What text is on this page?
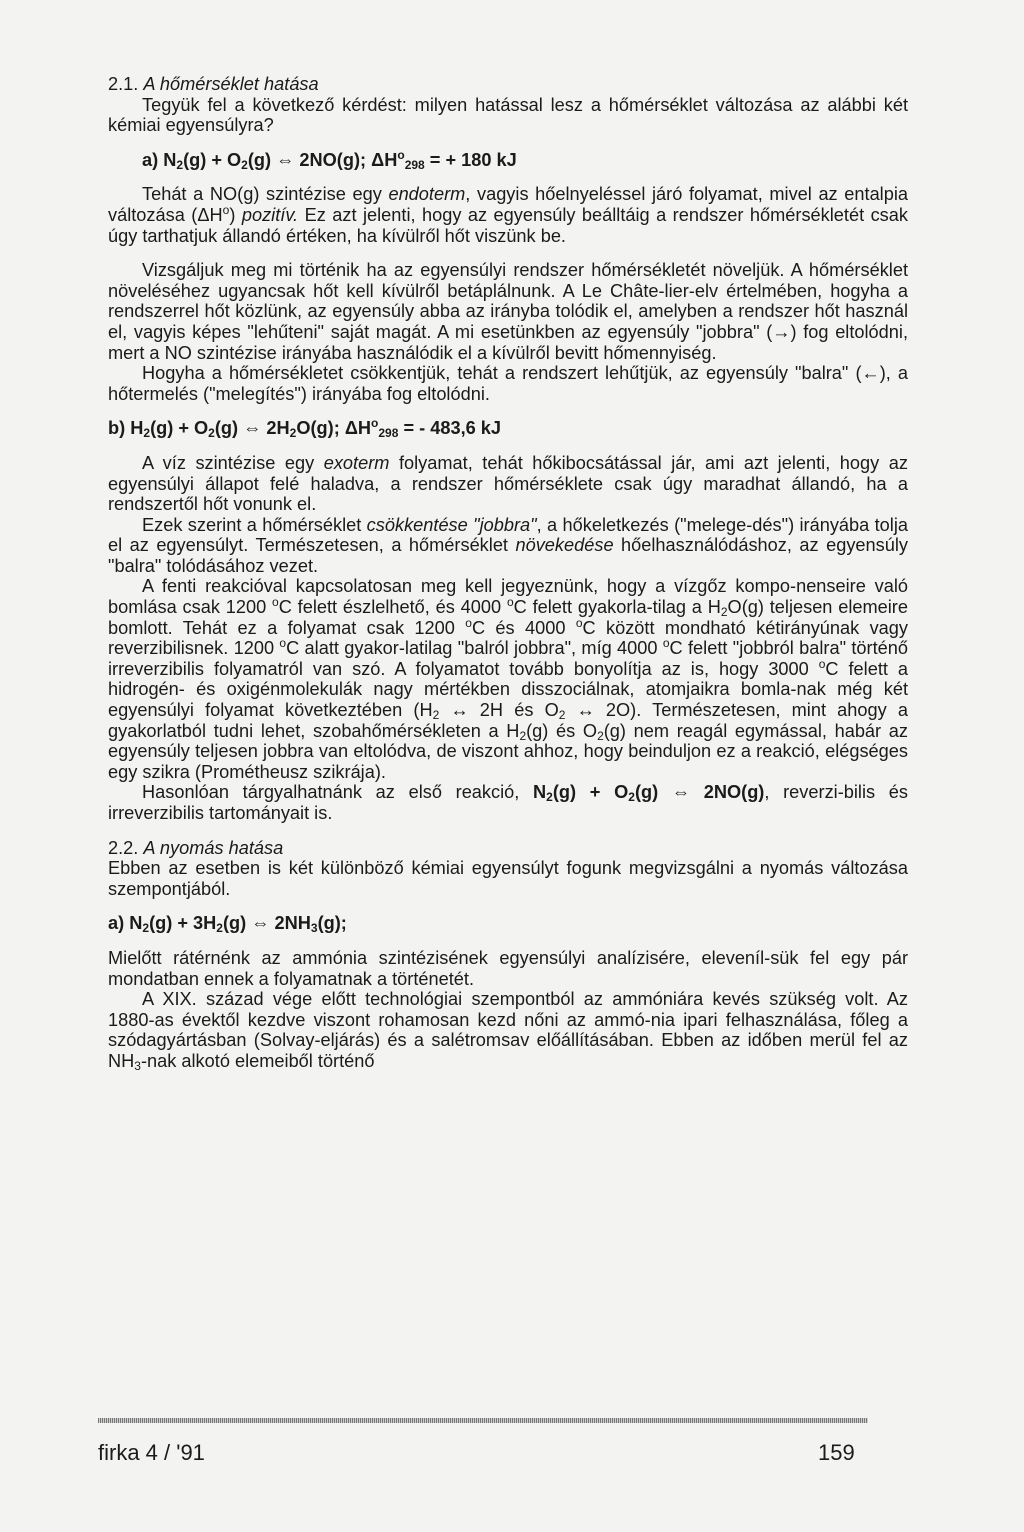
2.1. A hőmérséklet hatása

Tegyük fel a következő kérdést: milyen hatással lesz a hőmérséklet változása az alábbi két kémiai egyensúlyra?

a) $N_2(g) + O_2(g)$ ⇔ 2NO(g); $\Delta H^o_{298}$ = + 180 kJ

Tehát a NO(g) szintézise egy endoterm, vagyis hőelnyeléssel járó folyamat, mivel az entalpia változása $(\Delta H^o)$ pozitív. Ez azt jelenti, hogy az egyensúly beálltáig a rendszer hőmérsékletét csak úgy tarthatjuk állandó értéken, ha kívülről hőt viszünk be.

Vizsgáljuk meg mi történik ha az egyensúlyi rendszer hőmérsékletét növeljük. A hőmérséklet növeléséhez ugyancsak hőt kell kívülről betáplálnunk. A Le Châte-lier-elv értelmében, hogyha a rendszerrel hőt közlünk, az egyensúly abba az irányba tolódik el, amelyben a rendszer hőt használ el, vagyis képes "lehűteni" saját magát. A mi esetünkben az egyensúly "jobbra" (→) fog eltolódni, mert a NO szintézise irányába használódik el a kívülről bevitt hőmennyiség.

Hogyha a hőmérsékletet csökkentjük, tehát a rendszert lehűtjük, az egyensúly "balra" (←), a hőtermelés ("melegítés") irányába fog eltolódni.

b) $H_2(g) + O_2(g)$ ⇔ $2H_2O(g)$; $\Delta H^o_{298}$ = - 483,6 kJ

A víz szintézise egy exoterm folyamat, tehát hőkibocsátással jár, ami azt jelenti, hogy az egyensúlyi állapot felé haladva, a rendszer hőmérséklete csak úgy maradhat állandó, ha a rendszertől hőt vonunk el.

Ezek szerint a hőmérséklet csökkentése "jobbra", a hőkeletkezés ("melege-dés") irányába tolja el az egyensúlyt. Természetesen, a hőmérséklet növekedése hőelhasználódáshoz, az egyensúly "balra" tolódásához vezet.

A fenti reakcióval kapcsolatosan meg kell jegyeznünk, hogy a vízgőz kompo-nenseire való bomlása csak 1200 $^o$C felett észlelhető, és 4000 $^o$C felett gyakorla-tilag a $H_2O(g)$ teljesen elemeire bomlott. Tehát ez a folyamat csak 1200 $^o$C és 4000 $^o$C között mondható kétirányúnak vagy reverzibilisnek. 1200 $^o$C alatt gyakor-latilag "balról jobbra", míg 4000 $^o$C felett "jobbról balra" történő irreverzibilis folyamatról van szó. A folyamatot tovább bonyolítja az is, hogy 3000 $^o$C felett a hidrogén- és oxigénmolekulák nagy mértékben disszociálnak, atomjaikra bomla-nak még két egyensúlyi folyamat következtében ($H_2$ ↔ 2H és $O_2$ ↔ 2O). Természetesen, mint ahogy a gyakorlatból tudni lehet, szobahőmérsékleten a $H_2(g)$ és $O_2(g)$ nem reagál egymással, habár az egyensúly teljesen jobbra van eltolódva, de viszont ahhoz, hogy beinduljon ez a reakció, elégséges egy szikra (Prométheusz szikrája).

Hasonlóan tárgyalhatnánk az első reakció, $N_2(g) + O_2(g)$ ⇔ 2NO(g), reverzi-bilis és irreverzibilis tartományait is.

2.2. A nyomás hatása

Ebben az esetben is két különböző kémiai egyensúlyt fogunk megvizsgálni a nyomás változása szempontjából.

a) $N_2(g) + 3H_2(g)$ ⇔ $2NH_3(g)$;

Mielőtt rátérnénk az ammónia szintézisének egyensúlyi analízisére, eleveníl-sük fel egy pár mondatban ennek a folyamatnak a történetét.

A XIX. század vége előtt technológiai szempontból az ammóniára kevés szükség volt. Az 1880-as évektől kezdve viszont rohamosan kezd nőni az ammó-nia ipari felhasználása, főleg a szódagyártásban (Solvay-eljárás) és a salétromsav előállításában. Ebben az időben merül fel az $NH_3$-nak alkotó elemeiből történő

firka 4 / '91	159
